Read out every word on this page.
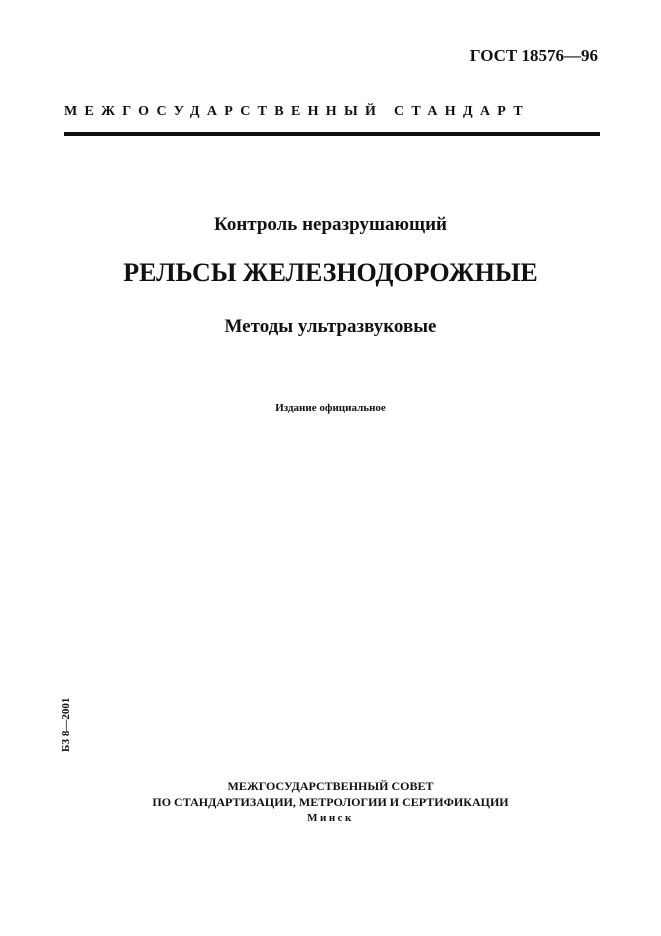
ГОСТ 18576—96
МЕЖГОСУДАРСТВЕННЫЙ СТАНДАРТ
Контроль неразрушающий
РЕЛЬСЫ ЖЕЛЕЗНОДОРОЖНЫЕ
Методы ультразвуковые
Издание официальное
БЗ 8—2001
МЕЖГОСУДАРСТВЕННЫЙ СОВЕТ
ПО СТАНДАРТИЗАЦИИ, МЕТРОЛОГИИ И СЕРТИФИКАЦИИ
Минск
